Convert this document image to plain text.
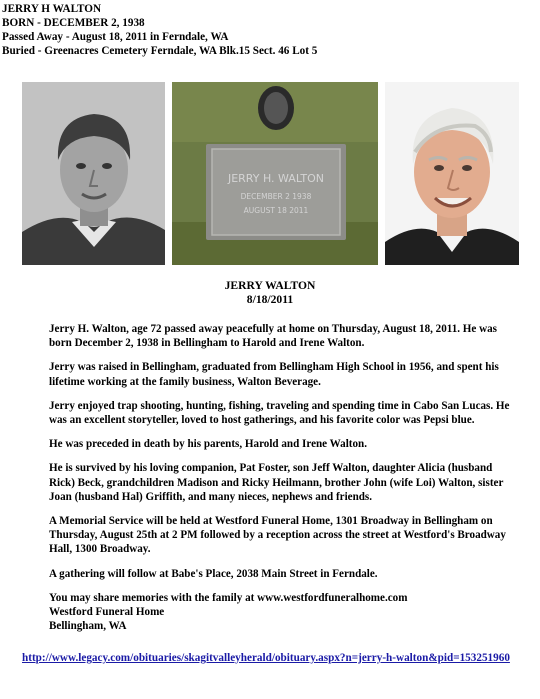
JERRY H WALTON
BORN - DECEMBER 2, 1938
Passed Away - August 18, 2011 in Ferndale, WA
Buried - Greenacres Cemetery Ferndale, WA Blk.15 Sect. 46 Lot 5
JERRY H. WALTON
DECEMBER 2 1938
AUGUST 18 2011
JERRY WALTON
8/18/2011

Jerry H. Walton, age 72 passed away peacefully at home on Thursday, August 18, 2011. He was born December 2, 1938 in Bellingham to Harold and Irene Walton.

Jerry was raised in Bellingham, graduated from Bellingham High School in 1956, and spent his lifetime working at the family business, Walton Beverage.

Jerry enjoyed trap shooting, hunting, fishing, traveling and spending time in Cabo San Lucas. He was an excellent storyteller, loved to host gatherings, and his favorite color was Pepsi blue.

He was preceded in death by his parents, Harold and Irene Walton.

He is survived by his loving companion, Pat Foster, son Jeff Walton, daughter Alicia (husband Rick) Beck, grandchildren Madison and Ricky Heilmann, brother John (wife Loi) Walton, sister Joan (husband Hal) Griffith, and many nieces, nephews and friends.

A Memorial Service will be held at Westford Funeral Home, 1301 Broadway in Bellingham on Thursday, August 25th at 2 PM followed by a reception across the street at Westford's Broadway Hall, 1300 Broadway.

A gathering will follow at Babe's Place, 2038 Main Street in Ferndale.

You may share memories with the family at www.westfordfuneralhome.com
Westford Funeral Home
Bellingham, WA
http://www.legacy.com/obituaries/skagitvalleyherald/obituary.aspx?n=jerry-h-walton&pid=153251960
